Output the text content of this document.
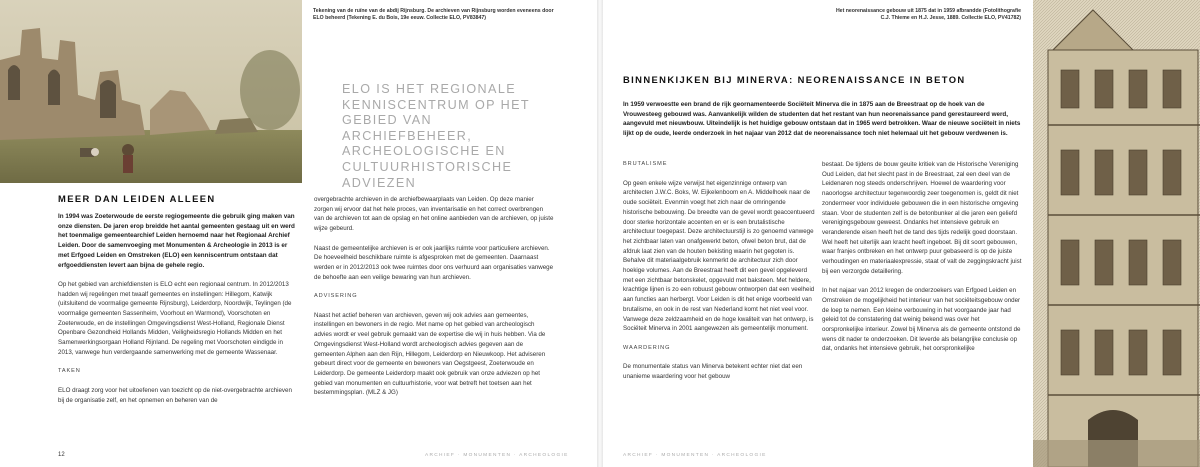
Tekening van de ruïne van de abdij Rijnsburg. De archieven van Rijnsburg worden eveneens door ELO beheerd (Tekening E. du Bois, 19e eeuw. Collectie ELO, PV83847)
ELO IS HET REGIONALE KENNISCENTRUM OP HET GEBIED VAN ARCHIEFBEHEER, ARCHEOLOGISCHE EN CULTUURHISTORISCHE ADVIEZEN
MEER DAN LEIDEN ALLEEN
In 1994 was Zoeterwoude de eerste regiogemeente die gebruik ging maken van onze diensten. De jaren erop breidde het aantal gemeenten gestaag uit en werd het toenmalige gemeentearchief Leiden hernoemd naar het Regionaal Archief Leiden. Door de samenvoeging met Monumenten & Archeologie in 2013 is er met Erfgoed Leiden en Omstreken (ELO) een kenniscentrum ontstaan dat erfgoeddiensten levert aan bijna de gehele regio.

Op het gebied van archiefdiensten is ELO echt een regionaal centrum. In 2012/2013 hadden wij regelingen met twaalf gemeentes en instellingen: Hillegom, Katwijk (uitsluitend de voormalige gemeente Rijnsburg), Leiderdorp, Noordwijk, Teylingen (de voormalige gemeenten Sassenheim, Voorhout en Warmond), Voorschoten en Zoeterwoude, en de instellingen Omgevingsdienst West-Holland, Regionale Dienst Openbare Gezondheid Hollands Midden, Veiligheidsregio Hollands Midden en het Samenwerkingsorgaan Holland Rijnland. De regeling met Voorschoten eindigde in 2013, vanwege hun verdergaande samenwerking met de gemeente Wassenaar.

TAKEN

ELO draagt zorg voor het uitoefenen van toezicht op de niet-overgebrachte archieven bij de organisatie zelf, en het opnemen en beheren van de

overgebrachte archieven in de archiefbewaarplaats van Leiden. Op deze manier zorgen wij ervoor dat het hele proces, van inventarisatie en het correct overbrengen van de archieven tot aan de opslag en het online aanbieden van de archieven, op juiste wijze gebeurd.

Naast de gemeentelijke archieven is er ook jaarlijks ruimte voor particuliere archieven. De hoeveelheid beschikbare ruimte is afgesproken met de gemeenten. Daarnaast werden er in 2012/2013 ook twee ruimtes door ons verhuurd aan organisaties vanwege de behoefte aan een veilige bewaring van hun archieven.

ADVISERING

Naast het actief beheren van archieven, geven wij ook advies aan gemeentes, instellingen en bewoners in de regio. Met name op het gebied van archeologisch advies wordt er veel gebruik gemaakt van de expertise die wij in huis hebben. Via de Omgevingsdienst West-Holland wordt archeologisch advies gegeven aan de gemeenten Alphen aan den Rijn, Hillegom, Leiderdorp en Nieuwkoop. Het adviseren gebeurt direct voor de gemeente en bewoners van Oegstgeest, Zoeterwoude en Leiderdorp. De gemeente Leiderdorp maakt ook gebruik van onze adviezen op het gebied van monumenten en cultuurhistorie, voor wat betreft het toetsen aan het bestemmingsplan. (MLZ & JG)

12	ARCHIEF · MONUMENTEN · ARCHEOLOGIE
Het neorenaissance gebouw uit 1875 dat in 1959 afbrandde (Fotolithografie C.J. Thieme en H.J. Jesse, 1889. Collectie ELO, PV41782)
BINNENKIJKEN BIJ MINERVA: NEORENAISSANCE IN BETON
In 1959 verwoestte een brand de rijk geornamenteerde Sociëteit Minerva die in 1875 aan de Breestraat op de hoek van de Vrouwesteeg gebouwd was. Aanvankelijk wilden de studenten dat het restant van hun neorenaissance pand gerestaureerd werd, aangevuld met nieuwbouw. Uiteindelijk is het huidige gebouw ontstaan dat in 1965 werd betrokken. Waar de nieuwe sociëteit in niets lijkt op de oude, leerde onderzoek in het najaar van 2012 dat de neorenaissance toch niet helemaal uit het gebouw verdwenen is.

BRUTALISME

Op geen enkele wijze verwijst het eigenzinnige ontwerp van architecten J.W.C. Boks, W. Eijkelenboom en A. Middelhoek naar de oude sociëteit. Evenmin voegt het zich naar de omringende historische bebouwing. De breedte van de gevel wordt geaccentueerd door sterke horizontale accenten en er is een brutalistische architectuur toegepast. Deze architectuurstijl is zo genoemd vanwege het zichtbaar laten van onafgewerkt beton, ofwel beton brut, dat de afdruk laat zien van de houten bekisting waarin het gegoten is. Behalve dit materiaalgebruik kenmerkt de architectuur zich door hoekige volumes. Aan de Breestraat heeft dit een gevel opgeleverd met een zichtbaar betonskelet, opgevuld met baksteen. Met heldere, krachtige lijnen is zo een robuust gebouw ontworpen dat een veelheid aan functies aan herbergt. Voor Leiden is dit het enige voorbeeld van brutalisme, en ook in de rest van Nederland komt het niet veel voor. Vanwege deze zeldzaamheid en de hoge kwaliteit van het ontwerp, is Sociëteit Minerva in 2001 aangewezen als gemeentelijk monument.

WAARDERING

De monumentale status van Minerva betekent echter niet dat een unanieme waardering voor het gebouw

bestaat. De tijdens de bouw geuite kritiek van de Historische Vereniging Oud Leiden, dat het slecht past in de Breestraat, zal een deel van de Leidenaren nog steeds onderschrijven. Hoewel de waardering voor naoorlogse architectuur tegenwoordig zeer toegenomen is, geldt dit niet zondermeer voor individuele gebouwen die in een historische omgeving staan. Voor de studenten zelf is de betonbunker al die jaren een geliefd verenigingsgebouw geweest. Ondanks het intensieve gebruik en veranderende eisen heeft het de tand des tijds redelijk goed doorstaan. Wel heeft het uiterlijk aan kracht heeft ingeboet. Bij dit soort gebouwen, waar franjes ontbreken en het ontwerp puur gebaseerd is op de juiste verhoudingen en materiaalexpressie, staat of valt de zeggingskracht juist bij een verzorgde detaillering.

In het najaar van 2012 kregen de onderzoekers van Erfgoed Leiden en Omstreken de mogelijkheid het interieur van het sociëteitsgebouw onder de loep te nemen. Een kleine verbouwing in het voorgaande jaar had geleid tot de constatering dat weinig bekend was over het oorspronkelijke interieur. Zowel bij Minerva als de gemeente ontstond de wens dit nader te onderzoeken. Dit leverde als belangrijke conclusie op dat, ondanks het intensieve gebruik, het oorspronkelijke

ARCHIEF · MONUMENTEN · ARCHEOLOGIE
